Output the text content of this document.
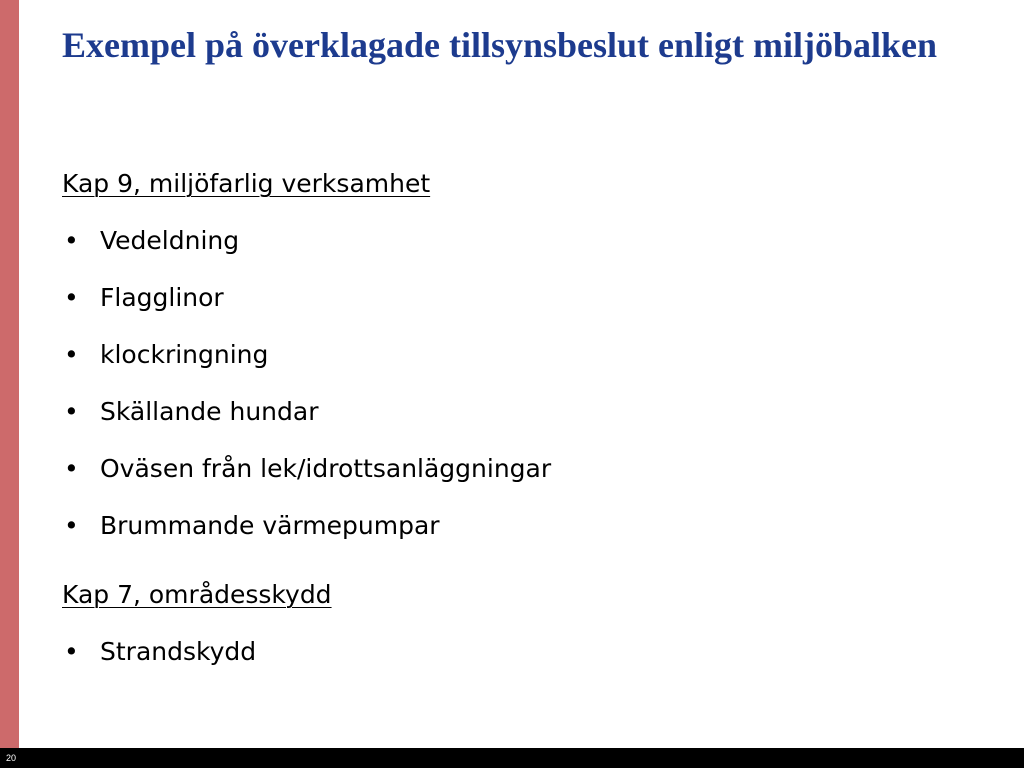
Exempel på överklagade tillsynsbeslut enligt miljöbalken

Kap 9, miljöfarlig verksamhet

• Vedeldning
• Flagglinor
• klockringning
• Skällande hundar
• Oväsen från lek/idrottsanläggningar
• Brummande värmepumpar

Kap 7, områdesskydd

• Strandskydd
20
